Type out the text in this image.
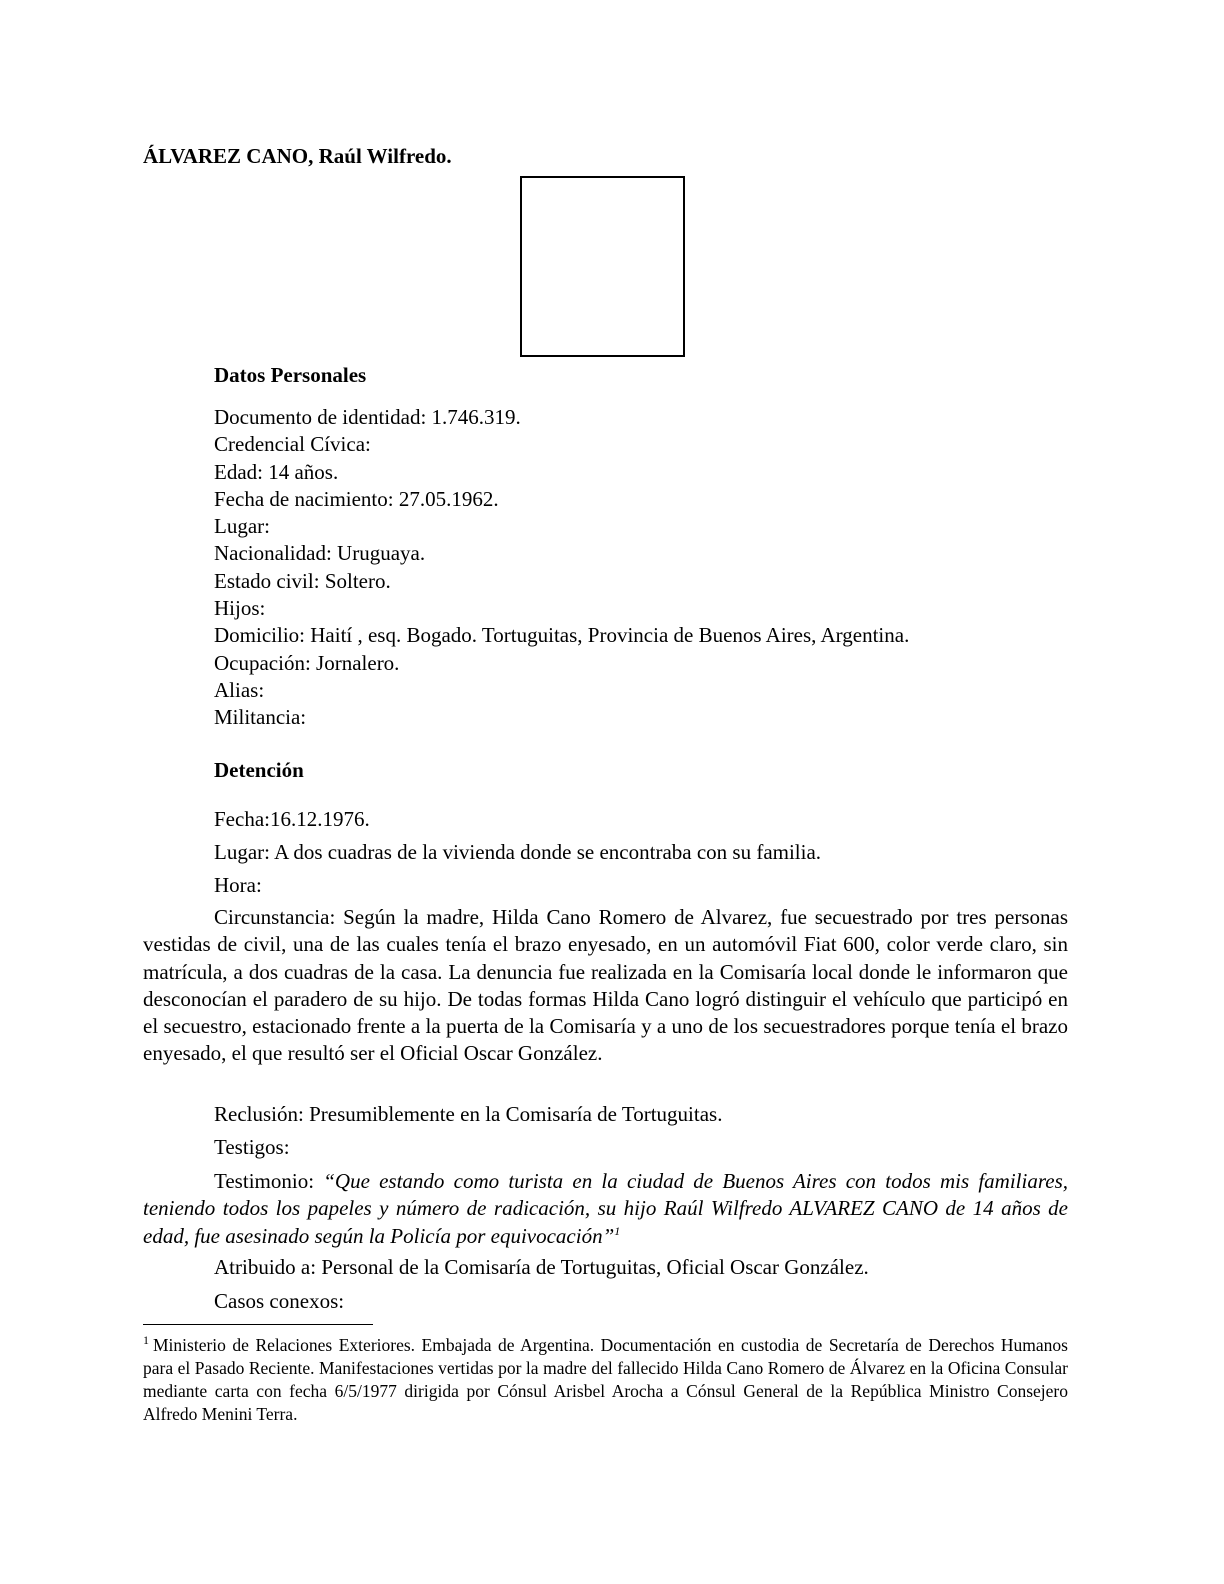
ÁLVAREZ CANO, Raúl Wilfredo.
Datos Personales
Documento de identidad: 1.746.319.
Credencial Cívica:
Edad: 14 años.
Fecha de nacimiento: 27.05.1962.
Lugar:
Nacionalidad: Uruguaya.
Estado civil: Soltero.
Hijos:
Domicilio: Haití , esq. Bogado. Tortuguitas, Provincia de Buenos Aires, Argentina.
Ocupación: Jornalero.
Alias:
Militancia:
Detención
Fecha:16.12.1976.
Lugar: A dos cuadras de la vivienda donde se encontraba con su familia.
Hora:

Circunstancia: Según la madre, Hilda Cano Romero de Alvarez, fue secuestrado por tres personas vestidas de civil, una de las cuales tenía el brazo enyesado, en un automóvil Fiat 600, color verde claro, sin matrícula, a dos cuadras de la casa. La denuncia fue realizada en la Comisaría local donde le informaron que desconocían el paradero de su hijo. De todas formas Hilda Cano logró distinguir el vehículo que participó en el secuestro, estacionado frente a la puerta de la Comisaría y a uno de los secuestradores porque tenía el brazo enyesado, el que resultó ser el Oficial Oscar González.

Reclusión: Presumiblemente en la Comisaría de Tortuguitas.
Testigos:

Testimonio: “Que estando como turista en la ciudad de Buenos Aires con todos mis familiares, teniendo todos los papeles y número de radicación, su hijo Raúl Wilfredo ALVAREZ CANO de 14 años de edad, fue asesinado según la Policía por equivocación”$^1$

Atribuido a: Personal de la Comisaría de Tortuguitas, Oficial Oscar González.
Casos conexos:

$^1$ Ministerio de Relaciones Exteriores. Embajada de Argentina. Documentación en custodia de Secretaría de Derechos Humanos para el Pasado Reciente. Manifestaciones vertidas por la madre del fallecido Hilda Cano Romero de Álvarez en la Oficina Consular mediante carta con fecha 6/5/1977 dirigida por Cónsul Arisbel Arocha a Cónsul General de la República Ministro Consejero Alfredo Menini Terra.
